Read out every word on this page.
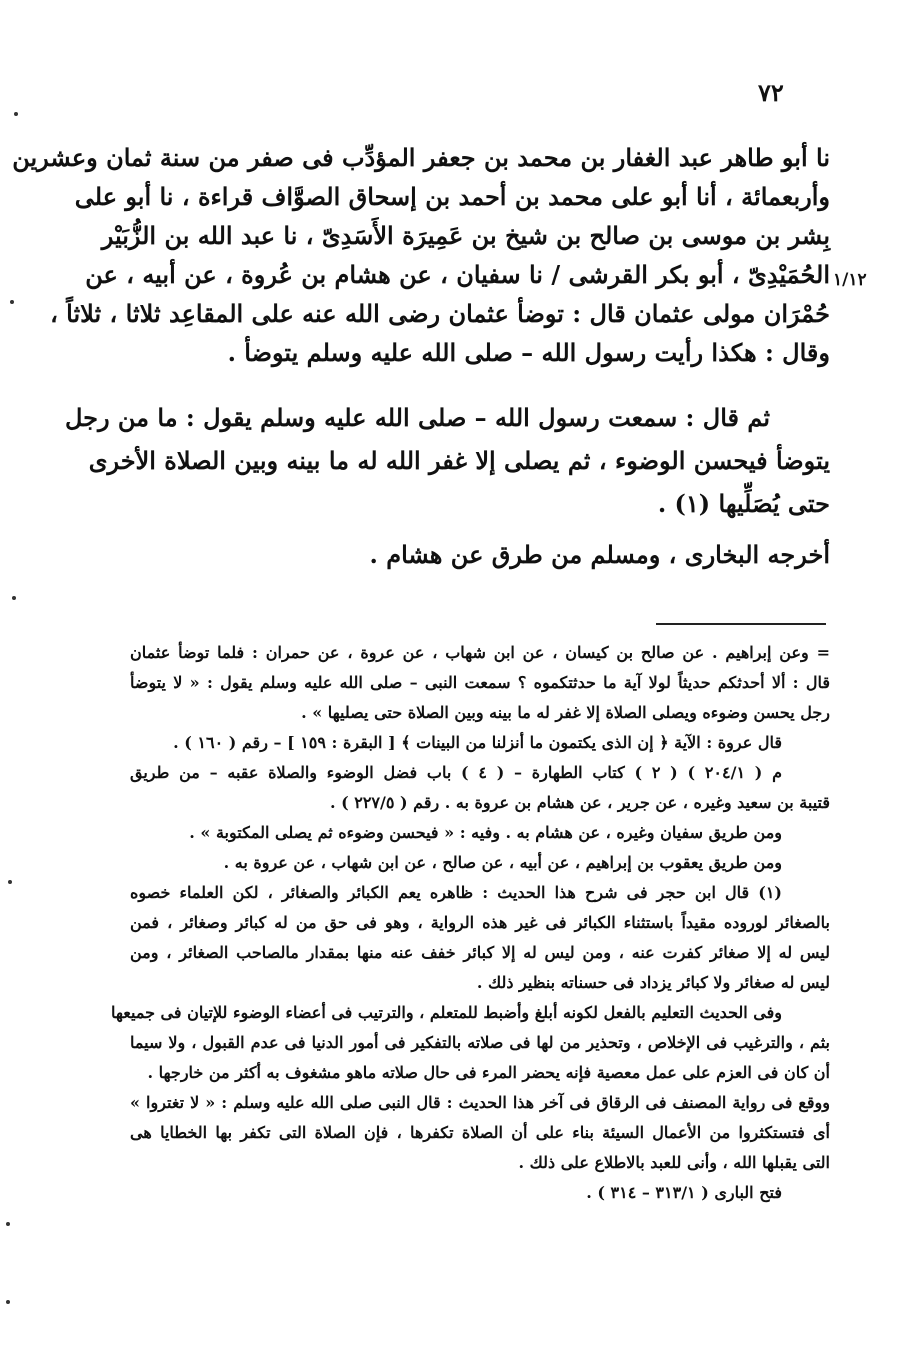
٧٢
١/١٢
نا أبو طاهر عبد الغفار بن محمد بن جعفر المؤدِّب فى صفر من سنة ثمان وعشرين
وأربعمائة ، أنا أبو على محمد بن أحمد بن إسحاق الصوَّاف قراءة ، نا أبو على
بِشر بن موسى بن صالح بن شيخ بن عَمِيرَة الأَسَدِىّ ، نا عبد الله بن الزُّبَيْر
الحُمَيْدِىّ ، أبو بكر القرشى / نا سفيان ، عن هشام بن عُروة ، عن أبيه ، عن
حُمْرَان مولى عثمان قال : توضأ عثمان رضى الله عنه على المقاعِد ثلاثا ، ثلاثاً ،
وقال : هكذا رأيت رسول الله – صلى الله عليه وسلم يتوضأ .
ثم قال : سمعت رسول الله – صلى الله عليه وسلم يقول : ما من رجل
يتوضأ فيحسن الوضوء ، ثم يصلى إلا غفر الله له ما بينه وبين الصلاة الأخرى
حتى يُصَلِّيها (١) .
أخرجه البخارى ، ومسلم من طرق عن هشام .
= وعن إبراهيم . عن صالح بن كيسان ، عن ابن شهاب ، عن عروة ، عن حمران : فلما توضأ عثمان
قال : ألا أحدثكم حديثاً لولا آية ما حدثتكموه ؟ سمعت النبى – صلى الله عليه وسلم يقول : « لا يتوضأ
رجل يحسن وضوءه ويصلى الصلاة إلا غفر له ما بينه وبين الصلاة حتى يصليها » .
قال عروة : الآية ﴿ إن الذى يكتمون ما أنزلنا من البينات ﴾ [ البقرة : ١٥٩ ] – رقم ( ١٦٠ ) .
م ( ٢٠٤/١ ) ( ٢ ) كتاب الطهارة – ( ٤ ) باب فضل الوضوء والصلاة عقبه – من طريق
قتيبة بن سعيد وغيره ، عن جرير ، عن هشام بن عروة به . رقم ( ٢٢٧/٥ ) .
ومن طريق سفيان وغيره ، عن هشام به . وفيه : « فيحسن وضوءه ثم يصلى المكتوبة » .
ومن طريق يعقوب بن إبراهيم ، عن أبيه ، عن صالح ، عن ابن شهاب ، عن عروة به .
(١) قال ابن حجر فى شرح هذا الحديث : ظاهره يعم الكبائر والصغائر ، لكن العلماء خصوه
بالصغائر لوروده مقيداً باستثناء الكبائر فى غير هذه الرواية ، وهو فى حق من له كبائر وصغائر ، فمن
ليس له إلا صغائر كفرت عنه ، ومن ليس له إلا كبائر خفف عنه منها بمقدار مالصاحب الصغائر ، ومن
ليس له صغائر ولا كبائر يزداد فى حسناته بنظير ذلك .
وفى الحديث التعليم بالفعل لكونه أبلغ وأضبط للمتعلم ، والترتيب فى أعضاء الوضوء للإتيان فى جميعها
بثم ، والترغيب فى الإخلاص ، وتحذير من لها فى صلاته بالتفكير فى أمور الدنيا فى عدم القبول ، ولا سيما
أن كان فى العزم على عمل معصية فإنه يحضر المرء فى حال صلاته ماهو مشغوف به أكثر من خارجها .
ووقع فى رواية المصنف فى الرقاق فى آخر هذا الحديث : قال النبى صلى الله عليه وسلم : « لا تغتروا »
أى فتستكثروا من الأعمال السيئة بناء على أن الصلاة تكفرها ، فإن الصلاة التى تكفر بها الخطايا هى
التى يقبلها الله ، وأنى للعبد بالاطلاع على ذلك .
فتح البارى ( ٣١٣/١ – ٣١٤ ) .
